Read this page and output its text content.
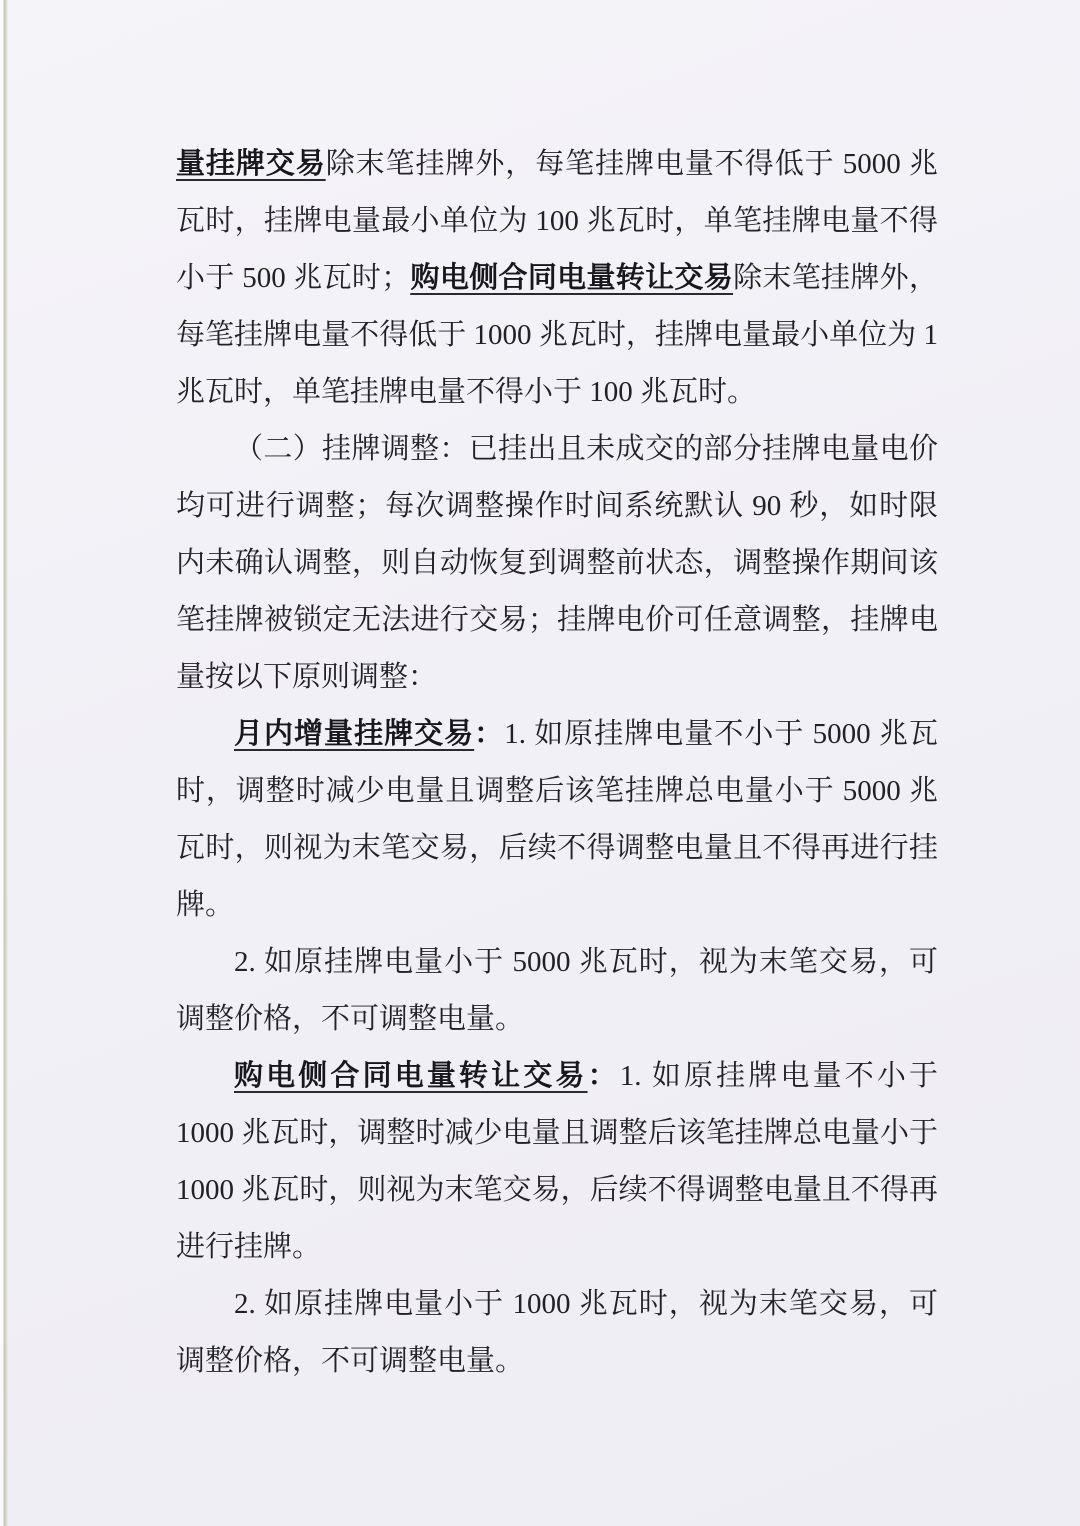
量挂牌交易除末笔挂牌外，每笔挂牌电量不得低于 5000 兆
瓦时，挂牌电量最小单位为 100 兆瓦时，单笔挂牌电量不得
小于 500 兆瓦时；购电侧合同电量转让交易除末笔挂牌外，
每笔挂牌电量不得低于 1000 兆瓦时，挂牌电量最小单位为 1
兆瓦时，单笔挂牌电量不得小于 100 兆瓦时。
（二）挂牌调整：已挂出且未成交的部分挂牌电量电价
均可进行调整；每次调整操作时间系统默认 90 秒，如时限
内未确认调整，则自动恢复到调整前状态，调整操作期间该
笔挂牌被锁定无法进行交易；挂牌电价可任意调整，挂牌电
量按以下原则调整：
月内增量挂牌交易：1. 如原挂牌电量不小于 5000 兆瓦
时，调整时减少电量且调整后该笔挂牌总电量小于 5000 兆
瓦时，则视为末笔交易，后续不得调整电量且不得再进行挂
牌。
2. 如原挂牌电量小于 5000 兆瓦时，视为末笔交易，可
调整价格，不可调整电量。
购电侧合同电量转让交易：1. 如原挂牌电量不小于
1000 兆瓦时，调整时减少电量且调整后该笔挂牌总电量小于
1000 兆瓦时，则视为末笔交易，后续不得调整电量且不得再
进行挂牌。
2. 如原挂牌电量小于 1000 兆瓦时，视为末笔交易，可
调整价格，不可调整电量。
